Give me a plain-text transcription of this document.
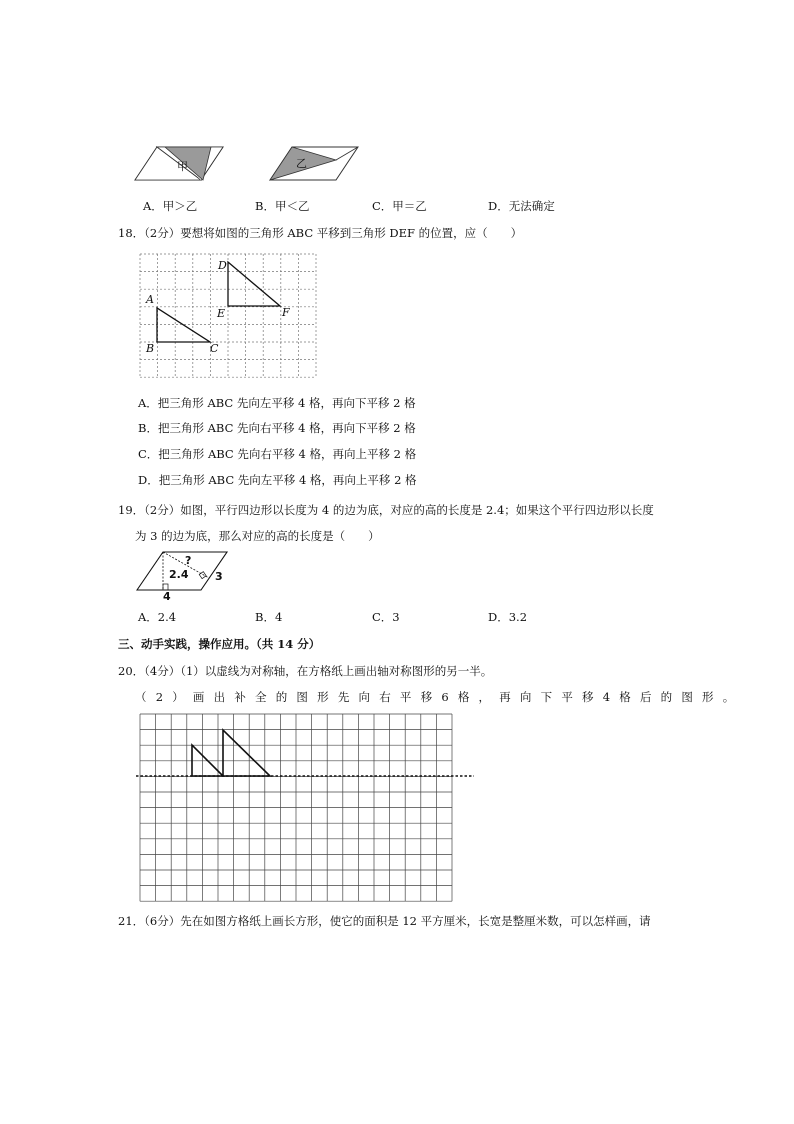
甲	乙
A．甲＞乙	B．甲＜乙	C．甲＝乙	D．无法确定
18．（2分）要想将如图的三角形 ABC 平移到三角形 DEF 的位置，应（　　）
D
E	F
A
B	C
A．把三角形 ABC 先向左平移 4 格，再向下平移 2 格
B．把三角形 ABC 先向右平移 4 格，再向下平移 2 格
C．把三角形 ABC 先向右平移 4 格，再向上平移 2 格
D．把三角形 ABC 先向左平移 4 格，再向上平移 2 格
19．（2分）如图，平行四边形以长度为 4 的边为底，对应的高的长度是 2.4；如果这个平行四边形以长度
为 3 的边为底，那么对应的高的长度是（　　）
?
2.4 3
4
A．2.4	B．4	C．3	D．3.2
三、动手实践，操作应用。（共 14 分）
20．（4分）（1）以虚线为对称轴，在方格纸上画出轴对称图形的另一半。
（2）画出补全的图形先向右平移6格，再向下平移4格后的图形。
21．（6分）先在如图方格纸上画长方形，使它的面积是 12 平方厘米，长宽是整厘米数，可以怎样画，请
